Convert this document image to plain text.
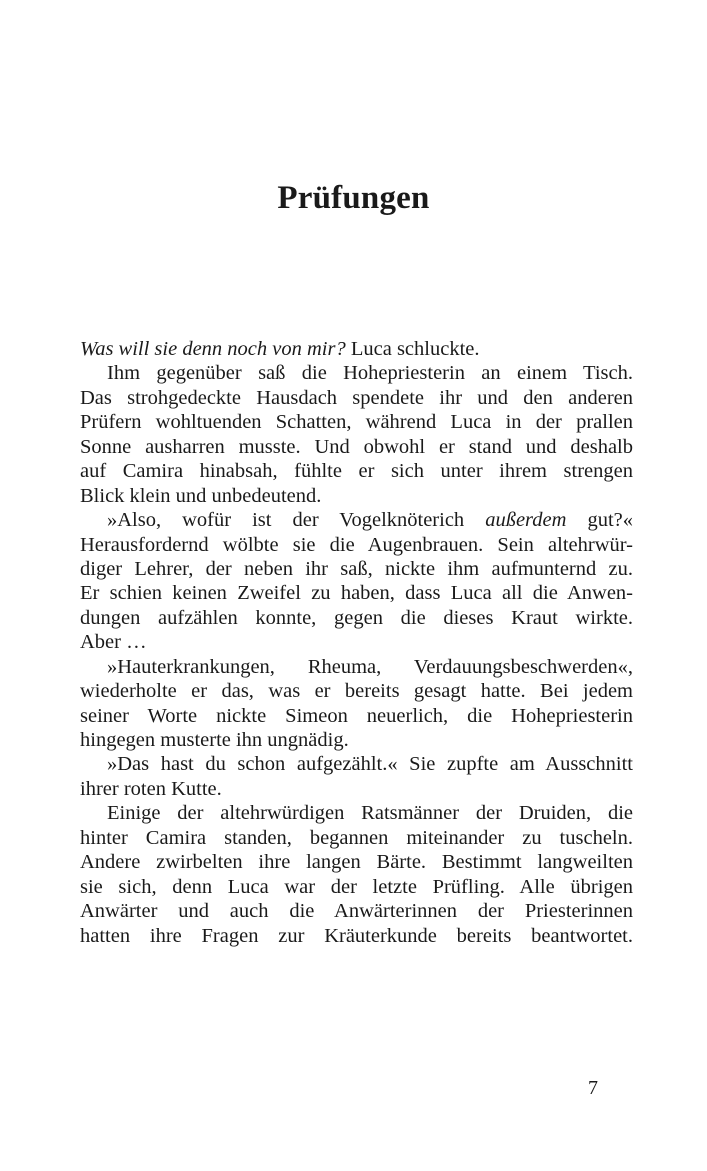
Prüfungen
Was will sie denn noch von mir? Luca schluckte.
Ihm gegenüber saß die Hohepriesterin an einem Tisch.
Das strohgedeckte Hausdach spendete ihr und den anderen
Prüfern wohltuenden Schatten, während Luca in der prallen
Sonne ausharren musste. Und obwohl er stand und deshalb
auf Camira hinabsah, fühlte er sich unter ihrem strengen
Blick klein und unbedeutend.
»Also, wofür ist der Vogelknöterich außerdem gut?«
Herausfordernd wölbte sie die Augenbrauen. Sein altehrwür-
diger Lehrer, der neben ihr saß, nickte ihm aufmunternd zu.
Er schien keinen Zweifel zu haben, dass Luca all die Anwen-
dungen aufzählen konnte, gegen die dieses Kraut wirkte.
Aber …
»Hauterkrankungen, Rheuma, Verdauungsbeschwerden«,
wiederholte er das, was er bereits gesagt hatte. Bei jedem
seiner Worte nickte Simeon neuerlich, die Hohepriesterin
hingegen musterte ihn ungnädig.
»Das hast du schon aufgezählt.« Sie zupfte am Ausschnitt
ihrer roten Kutte.
Einige der altehrwürdigen Ratsmänner der Druiden, die
hinter Camira standen, begannen miteinander zu tuscheln.
Andere zwirbelten ihre langen Bärte. Bestimmt langweilten
sie sich, denn Luca war der letzte Prüfling. Alle übrigen
Anwärter und auch die Anwärterinnen der Priesterinnen
hatten ihre Fragen zur Kräuterkunde bereits beantwortet.
7
